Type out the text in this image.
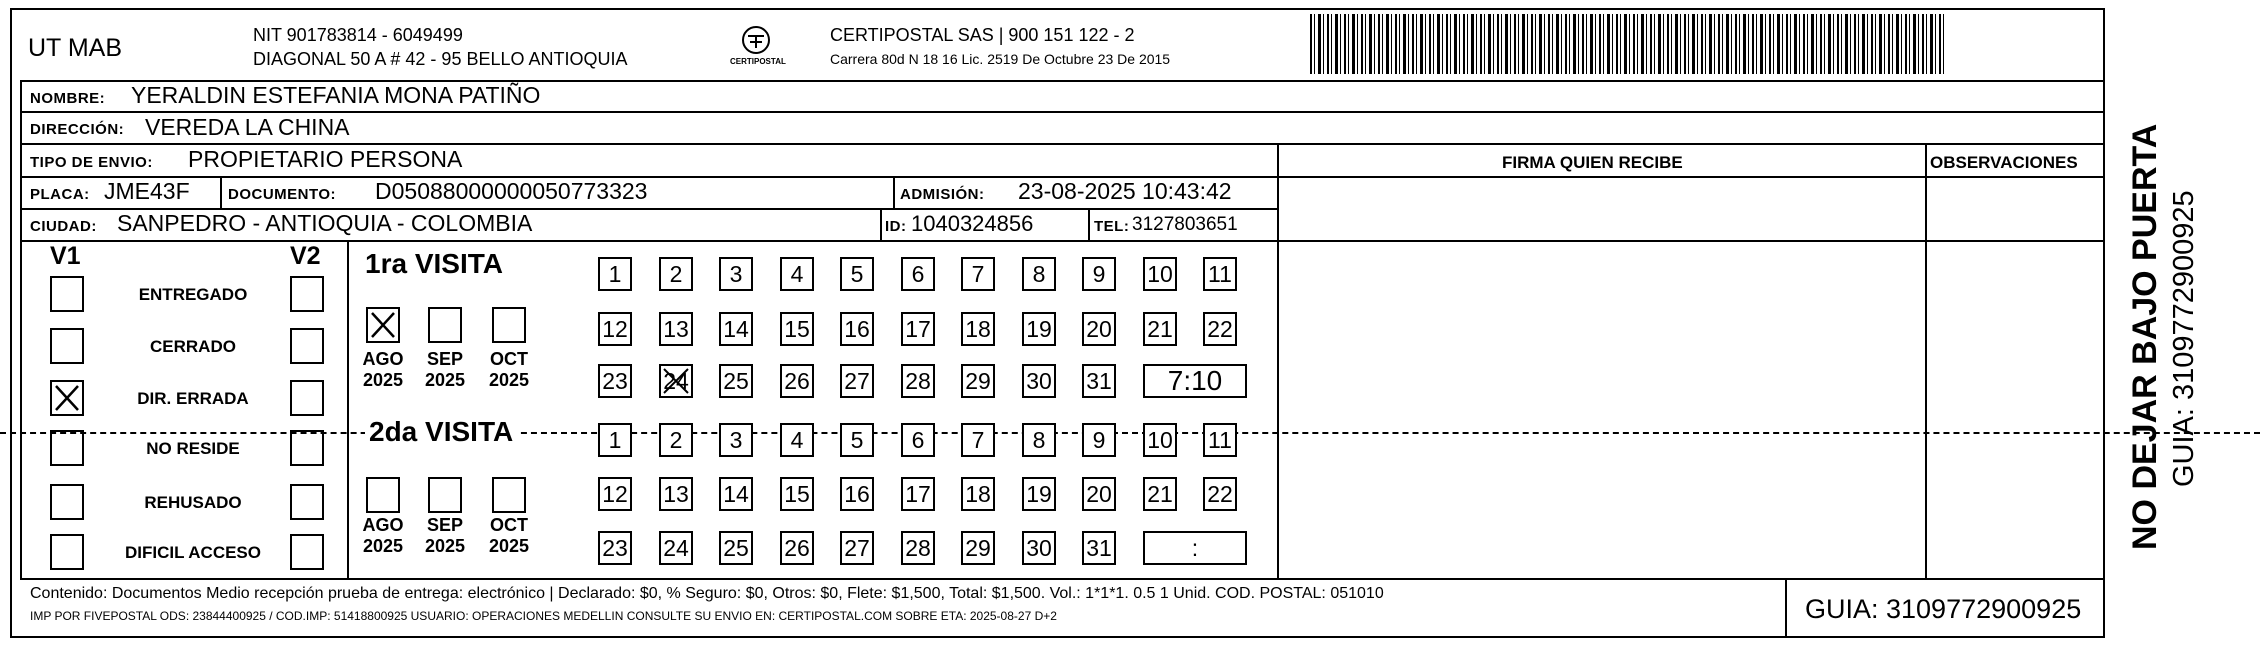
UT MAB	NIT 901783814 - 6049499
DIAGONAL 50 A # 42 - 95 BELLO ANTIOQUIA	CERTIPOSTAL
CERTIPOSTAL SAS | 900 151 122 - 2
Carrera 80d N 18 16 Lic. 2519 De Octubre 23 De 2015
NOMBRE: YERALDIN ESTEFANIA MONA PATIÑO
DIRECCIÓN: VEREDA LA CHINA
TIPO DE ENVIO: PROPIETARIO PERSONA	FIRMA QUIEN RECIBE	OBSERVACIONES
PLACA: JME43F	DOCUMENTO: D05088000000050773323	ADMISIÓN: 23-08-2025 10:43:42
CIUDAD: SANPEDRO - ANTIOQUIA - COLOMBIA	ID: 1040324856	TEL: 3127803651
V1	V2
ENTREGADO
CERRADO
DIR. ERRADA
NO RESIDE
REHUSADO
DIFICIL ACCESO
1ra VISITA
2da VISITA
AGO
2025
SEP
2025
OCT
2025
AGO
2025
SEP
2025
OCT
2025
1	2	3	4	5	6	7	8	9	10 11
12 13 14 15 16 17 18 19 20 21 22
23 24 25 26 27 28 29 30 31	7:10
1	2	3	4	5	6	7	8	9	10 11
12 13 14 15 16 17 18 19 20 21 22
23 24 25 26 27 28 29 30 31	:
Contenido: Documentos Medio recepción prueba de entrega: electrónico | Declarado: $0, % Seguro: $0, Otros: $0, Flete: $1,500, Total: $1,500. Vol.: 1*1*1. 0.5 1 Unid. COD. POSTAL: 051010
IMP POR FIVEPOSTAL ODS: 23844400925 / COD.IMP: 51418800925 USUARIO: OPERACIONES MEDELLIN CONSULTE SU ENVIO EN: CERTIPOSTAL.COM SOBRE ETA: 2025-08-27 D+2	GUIA: 3109772900925
NO DEJAR BAJO PUERTA GUIA: 3109772900925
